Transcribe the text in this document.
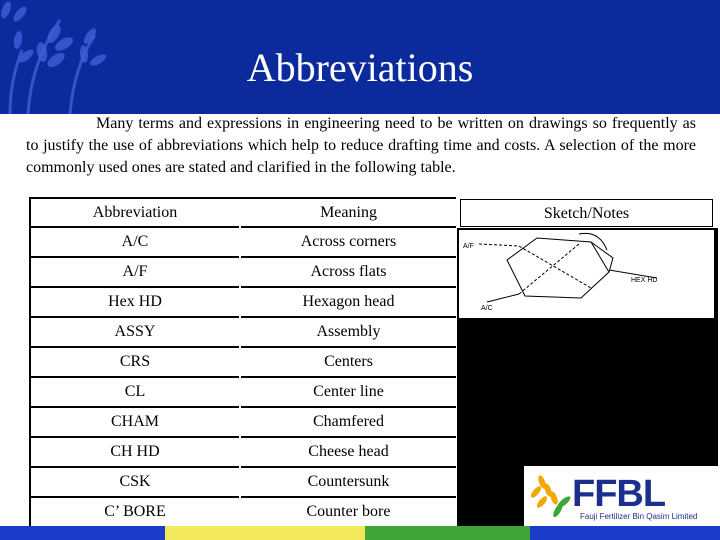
Abbreviations

Many terms and expressions in engineering need to be written on drawings so frequently as to justify the use of abbreviations which help to reduce drafting time and costs. A selection of the more commonly used ones are stated and clarified in the following table.

Abbreviation		Meaning
A/C		Across corners
A/F		Across flats
Hex HD		Hexagon head
ASSY		Assembly
CRS		Centers
CL		Center line
CHAM		Chamfered
CH HD		Cheese head
CSK		Countersunk
C’ BORE		Counter bore
Sketch/Notes
A/F
HEX HD
A/C
FFBL
Fauji Fertilizer Bin Qasim Limited
